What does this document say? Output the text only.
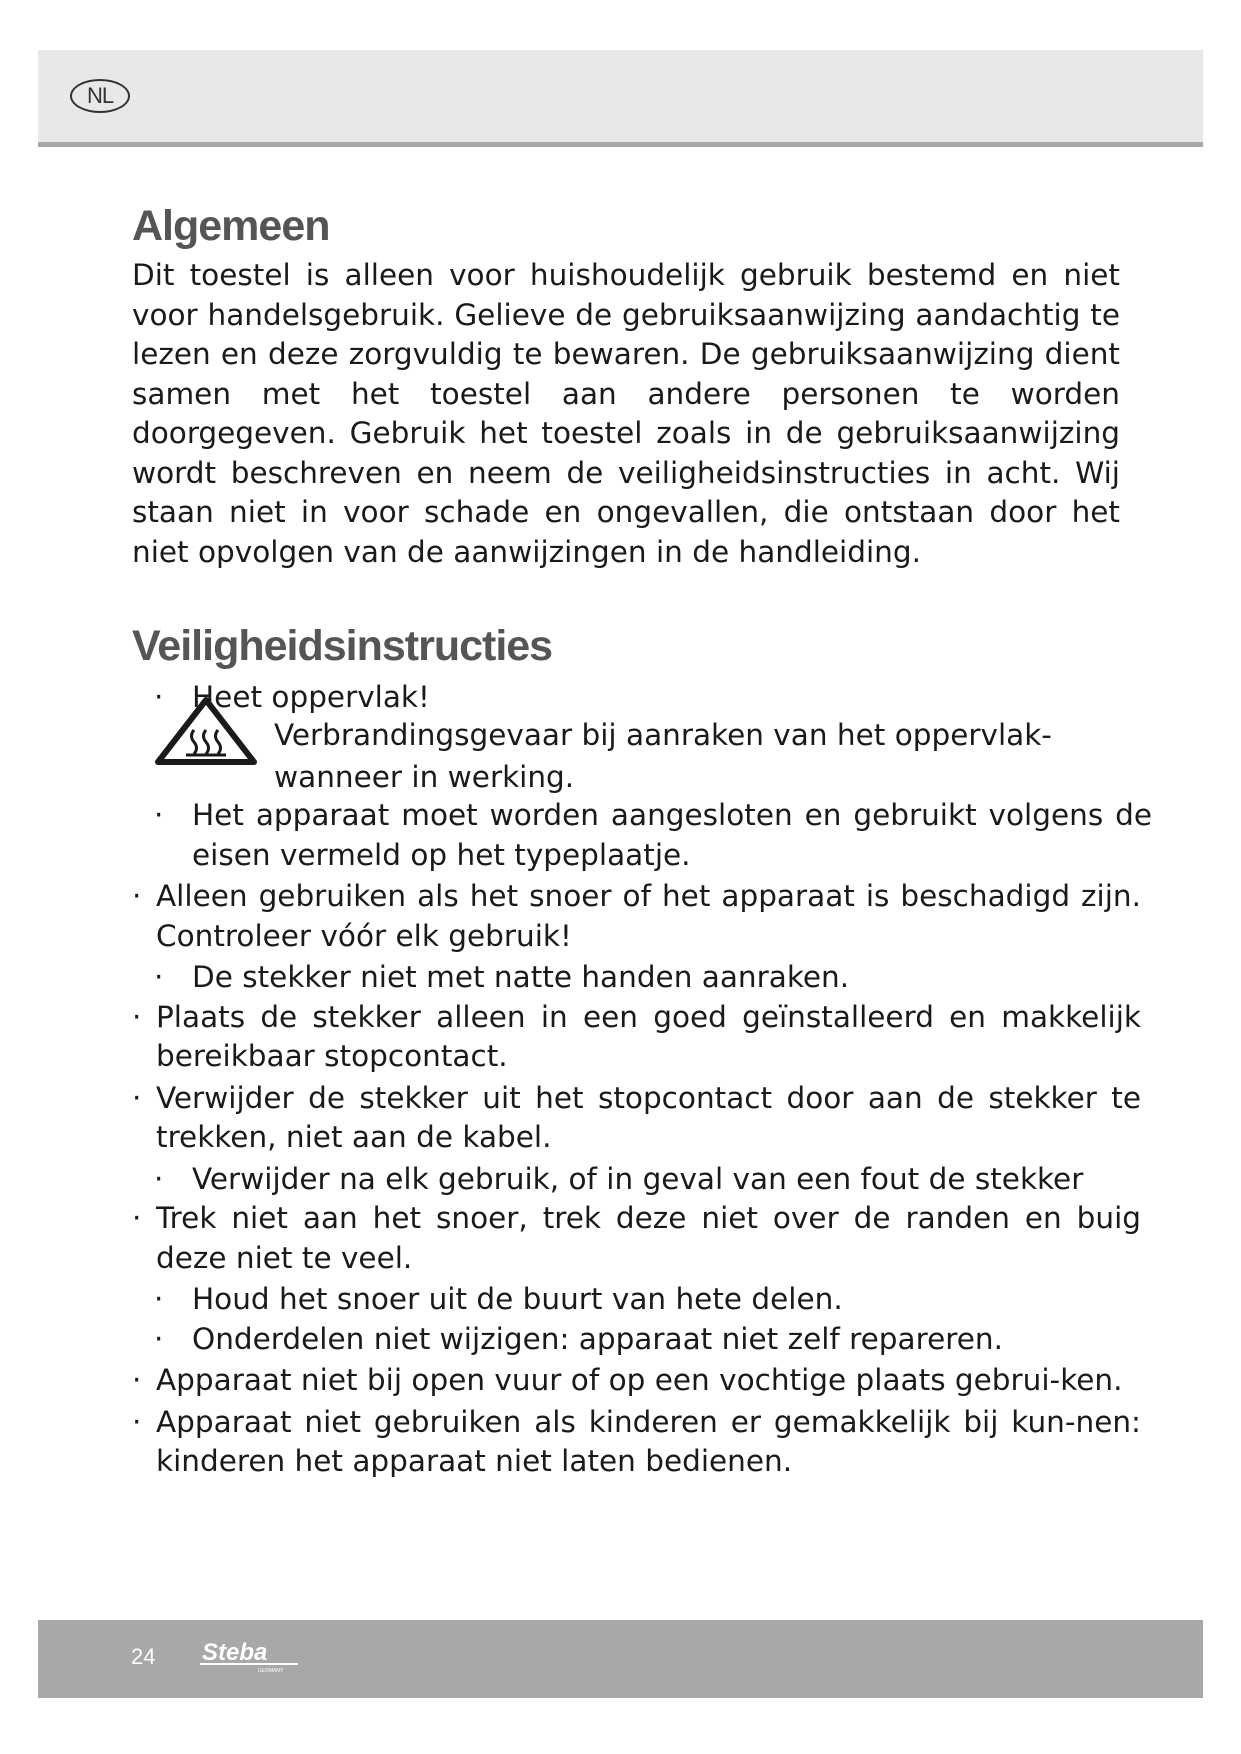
NL
Algemeen

Dit toestel is alleen voor huishoudelijk gebruik bestemd en niet voor handelsgebruik. Gelieve de gebruiksaanwijzing aandachtig te lezen en deze zorgvuldig te bewaren. De gebruiksaanwijzing dient samen met het toestel aan andere personen te worden doorgegeven. Gebruik het toestel zoals in de gebruiksaanwijzing wordt beschreven en neem de veiligheidsinstructies in acht. Wij staan niet in voor schade en ongevallen, die ontstaan door het niet opvolgen van de aanwijzingen in de handleiding.

Veiligheidsinstructies
· Heet oppervlak!
Verbrandingsgevaar bij aanraken van het oppervlak-
wanneer in werking.
· Het apparaat moet worden aangesloten en gebruikt volgens de eisen vermeld op het typeplaatje.
· Alleen gebruiken als het snoer of het apparaat is beschadigd zijn. Controleer vóór elk gebruik!
· De stekker niet met natte handen aanraken.
· Plaats de stekker alleen in een goed geïnstalleerd en makkelijk bereikbaar stopcontact.
· Verwijder de stekker uit het stopcontact door aan de stekker te trekken, niet aan de kabel.
· Verwijder na elk gebruik, of in geval van een fout de stekker
· Trek niet aan het snoer, trek deze niet over de randen en buig deze niet te veel.
· Houd het snoer uit de buurt van hete delen.
· Onderdelen niet wijzigen: apparaat niet zelf repareren.
· Apparaat niet bij open vuur of op een vochtige plaats gebrui-ken.
· Apparaat niet gebruiken als kinderen er gemakkelijk bij kun-nen: kinderen het apparaat niet laten bedienen.
24 Steba
GERMANY
